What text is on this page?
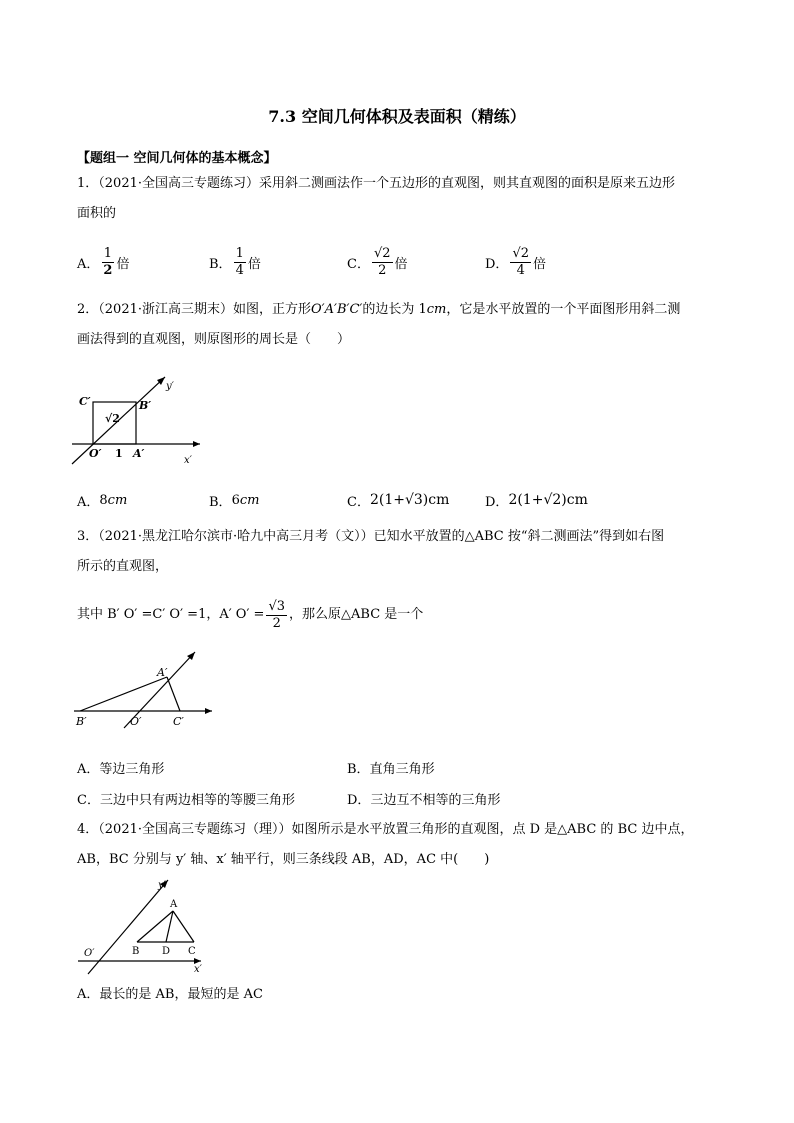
7.3 空间几何体积及表面积（精练）
【题组一 空间几何体的基本概念】
1．（2021·全国高三专题练习）采用斜二测画法作一个五边形的直观图，则其直观图的面积是原来五边形
面积的
A． $\frac{1}{2}$ 倍	B． $\frac{1}{4}$ 倍	C． $\frac{√2}{2}$ 倍	D． $\frac{√2}{4}$ 倍
2．（2021·浙江高三期末）如图，正方形O′A′B′C′的边长为 1cm，它是水平放置的一个平面图形用斜二测
画法得到的直观图，则原图形的周长是（　　）
C′	B′
√2
O′ 1 A′
x′
y′
A． 8 cm	B． 6 cm	C． 2(1+√3)cm	D． 2(1+√2)cm
3．（2021·黑龙江哈尔滨市·哈九中高三月考（文））已知水平放置的△ABC 按“斜二测画法”得到如右图
所示的直观图，
其中 B′ O′ =C′ O′ =1，A′ $O' = \frac{√3}{2}$ ，那么原△ABC 是一个
A′
B′	O′	C′
A． 等边三角形	B． 直角三角形
C． 三边中只有两边相等的等腰三角形	D． 三边互不相等的三角形
4．（2021·全国高三专题练习（理））如图所示是水平放置三角形的直观图，点 D 是△ABC 的 BC 边中点，
AB，BC 分别与 y′ 轴、x′ 轴平行，则三条线段 AB，AD，AC 中(　　)
y′
A
O′	B D C
x′
A．最长的是 AB，最短的是 AC
